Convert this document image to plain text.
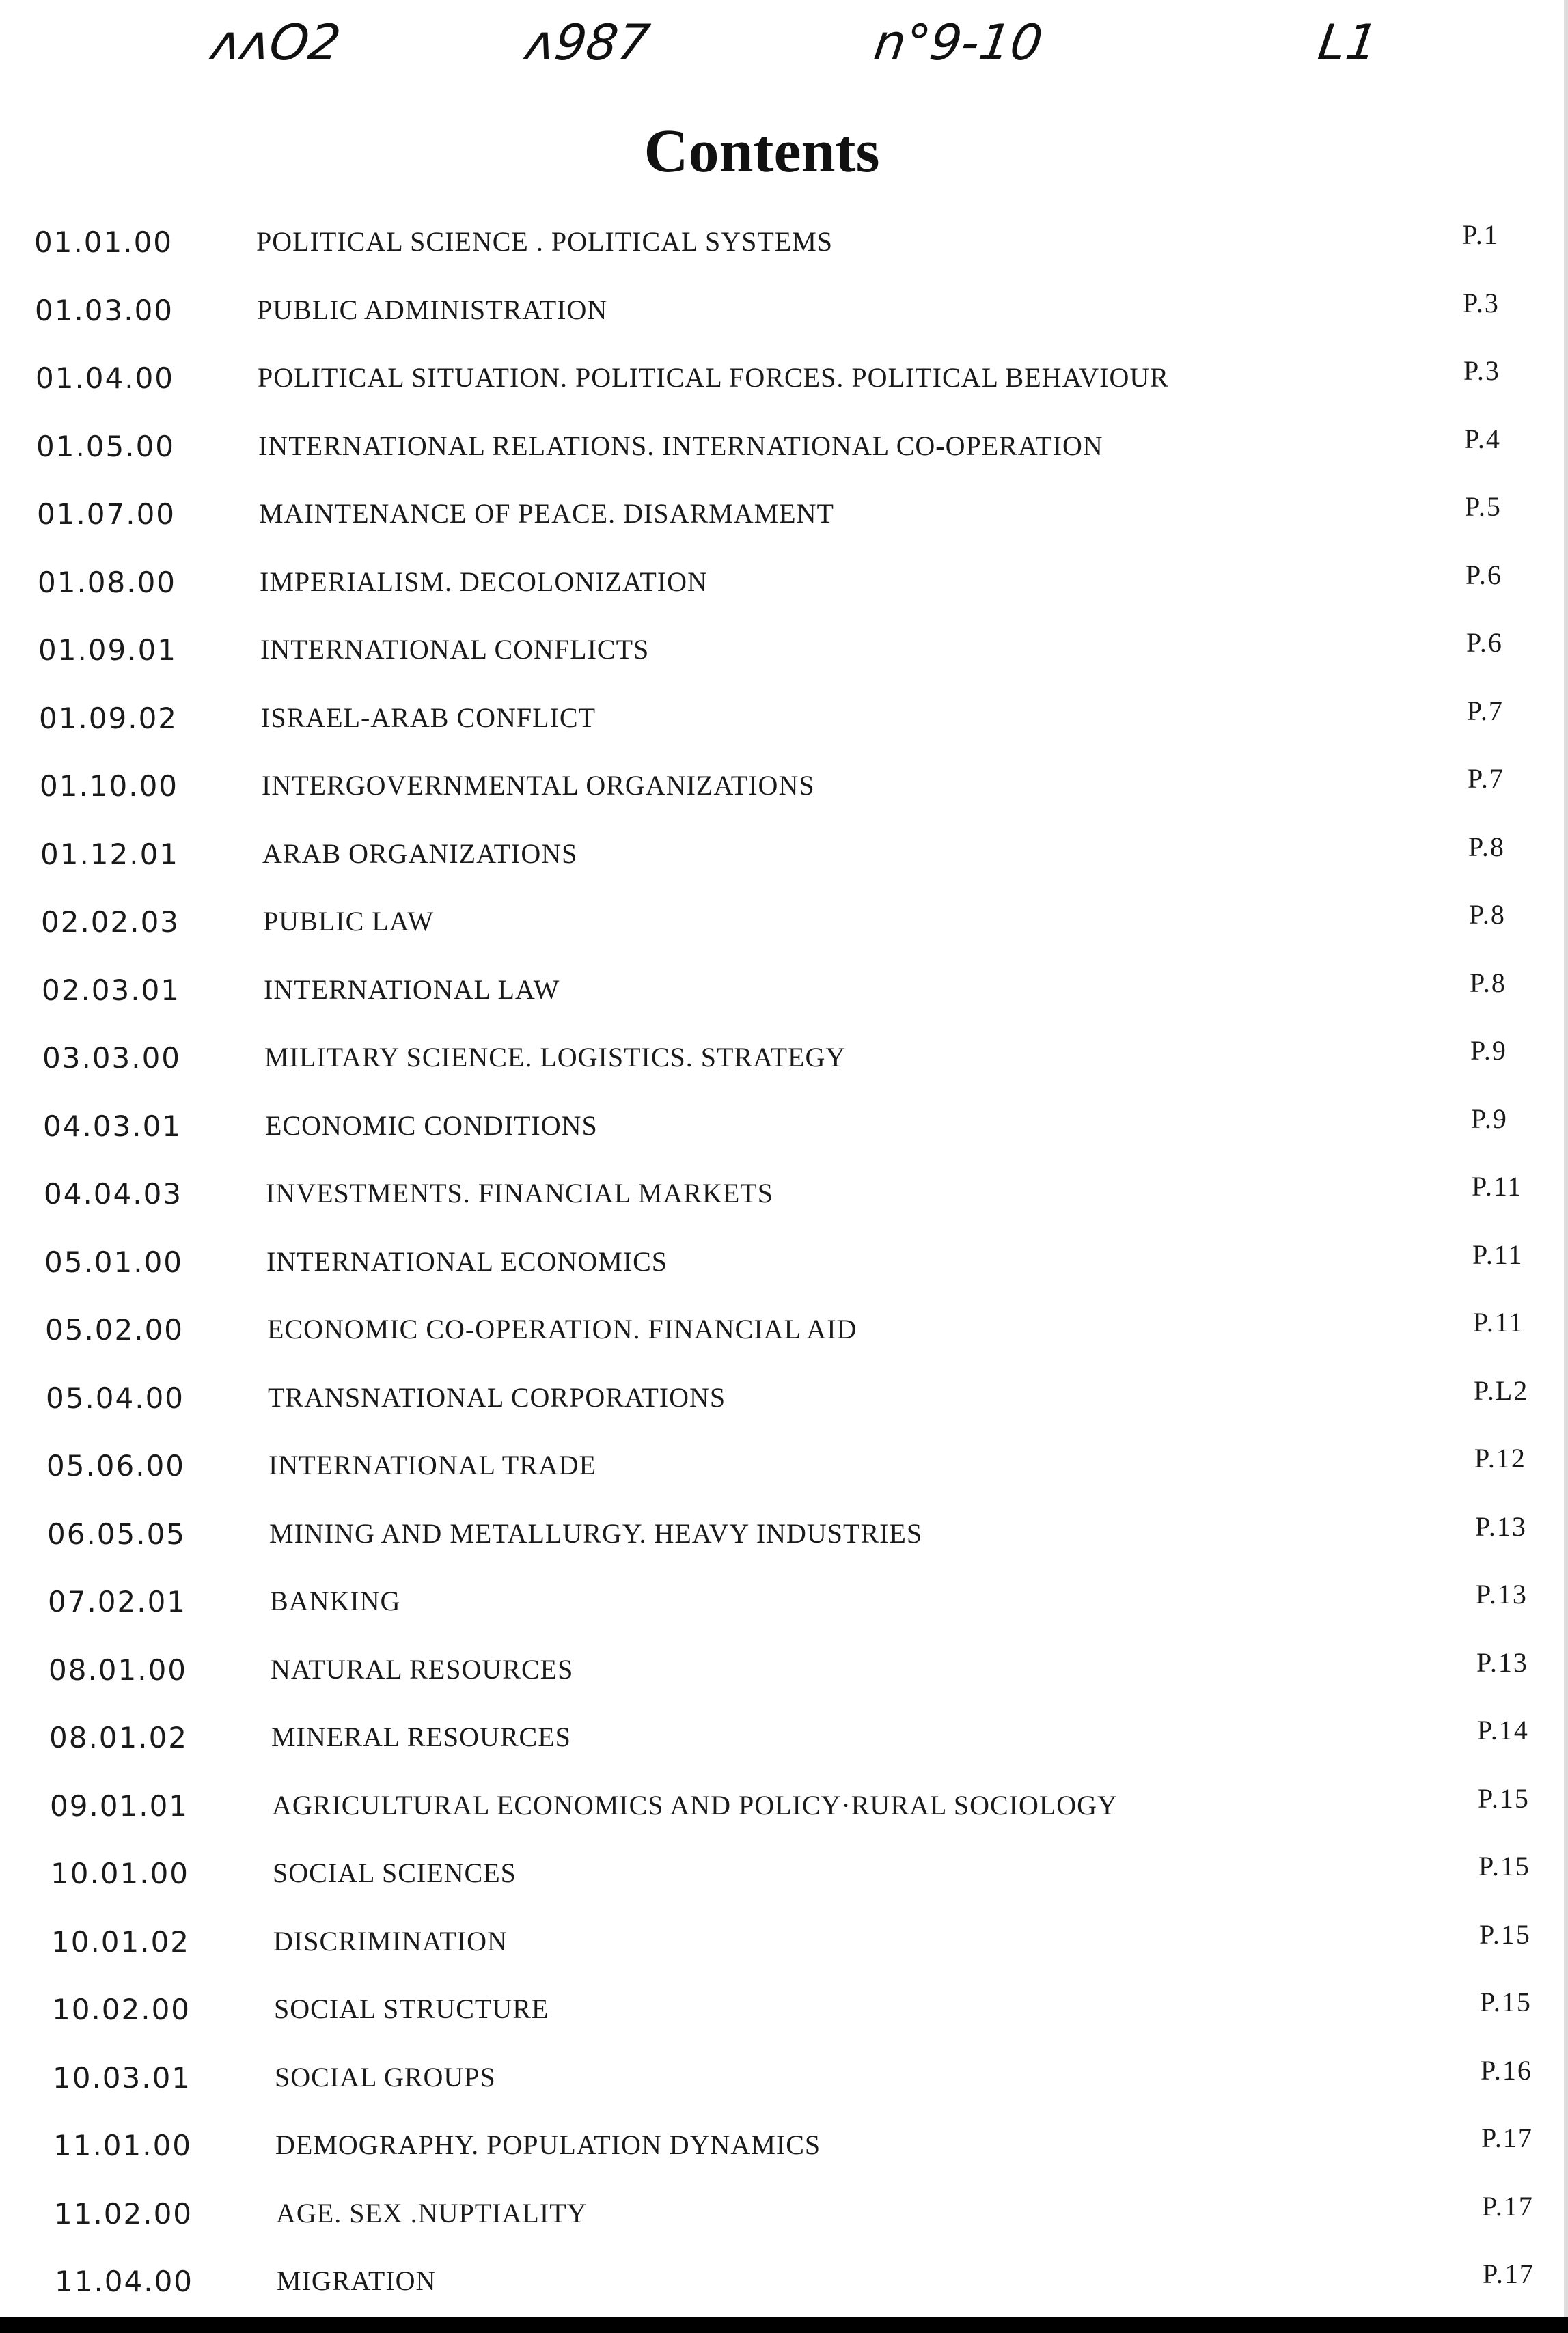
ᴧᴧO2	ᴧ987	n°9-10	L1
Contents
01.01.00	POLITICAL SCIENCE . POLITICAL SYSTEMS	P.1
01.03.00	PUBLIC ADMINISTRATION	P.3
01.04.00	POLITICAL SITUATION. POLITICAL FORCES. POLITICAL BEHAVIOUR	P.3
01.05.00	INTERNATIONAL RELATIONS. INTERNATIONAL CO-OPERATION	P.4
01.07.00	MAINTENANCE OF PEACE. DISARMAMENT	P.5
01.08.00	IMPERIALISM. DECOLONIZATION	P.6
01.09.01	INTERNATIONAL CONFLICTS	P.6
01.09.02	ISRAEL-ARAB CONFLICT	P.7
01.10.00	INTERGOVERNMENTAL ORGANIZATIONS	P.7
01.12.01	ARAB ORGANIZATIONS	P.8
02.02.03	PUBLIC LAW	P.8
02.03.01	INTERNATIONAL LAW	P.8
03.03.00	MILITARY SCIENCE. LOGISTICS. STRATEGY	P.9
04.03.01	ECONOMIC CONDITIONS	P.9
04.04.03	INVESTMENTS. FINANCIAL MARKETS	P.11
05.01.00	INTERNATIONAL ECONOMICS	P.11
05.02.00	ECONOMIC CO-OPERATION. FINANCIAL AID	P.11
05.04.00	TRANSNATIONAL CORPORATIONS	P.L2
05.06.00	INTERNATIONAL TRADE	P.12
06.05.05	MINING AND METALLURGY. HEAVY INDUSTRIES	P.13
07.02.01	BANKING	P.13
08.01.00	NATURAL RESOURCES	P.13
08.01.02	MINERAL RESOURCES	P.14
09.01.01	AGRICULTURAL ECONOMICS AND POLICY·RURAL SOCIOLOGY	P.15
10.01.00	SOCIAL SCIENCES	P.15
10.01.02	DISCRIMINATION	P.15
10.02.00	SOCIAL STRUCTURE	P.15
10.03.01	SOCIAL GROUPS	P.16
11.01.00	DEMOGRAPHY. POPULATION DYNAMICS	P.17
11.02.00	AGE. SEX .NUPTIALITY	P.17
11.04.00	MIGRATION	P.17
